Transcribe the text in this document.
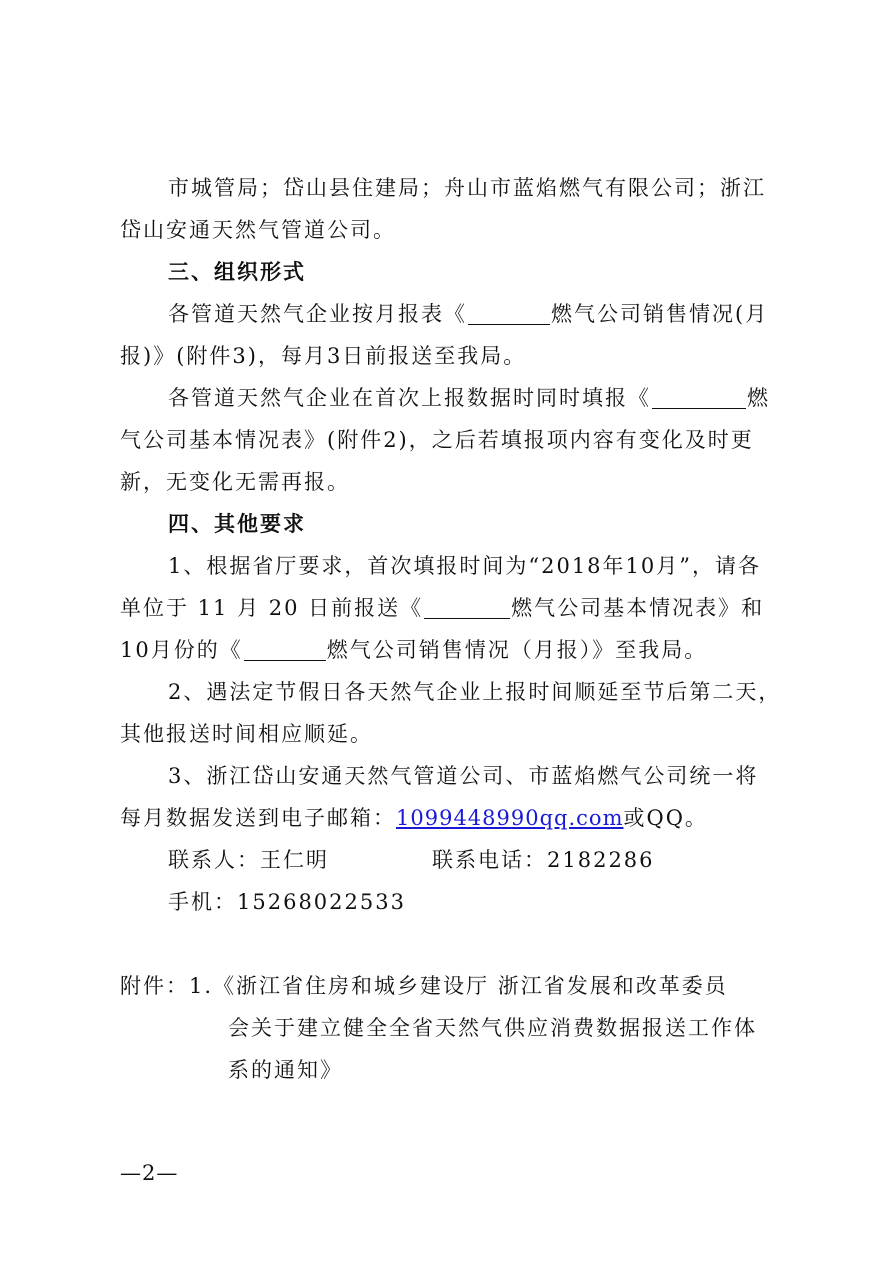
市城管局；岱山县住建局；舟山市蓝焰燃气有限公司；浙江
岱山安通天然气管道公司。
三、组织形式
各管道天然气企业按月报表《	燃气公司销售情况(月
报)》(附件3)，每月3日前报送至我局。
各管道天然气企业在首次上报数据时同时填报《	燃
气公司基本情况表》(附件2)，之后若填报项内容有变化及时更
新，无变化无需再报。
四、其他要求
1、根据省厅要求，首次填报时间为“2018年10月”，请各
单位于 11 月 20 日前报送《	燃气公司基本情况表》和
10月份的《	燃气公司销售情况（月报）》至我局。
2、遇法定节假日各天然气企业上报时间顺延至节后第二天，
其他报送时间相应顺延。
3、浙江岱山安通天然气管道公司、市蓝焰燃气公司统一将
每月数据发送到电子邮箱：1099448990qq.com或QQ。
联系人：王仁明	联系电话：2182286
手机：15268022533
附件：1.《浙江省住房和城乡建设厅 浙江省发展和改革委员
会关于建立健全全省天然气供应消费数据报送工作体
系的通知》
—2—
